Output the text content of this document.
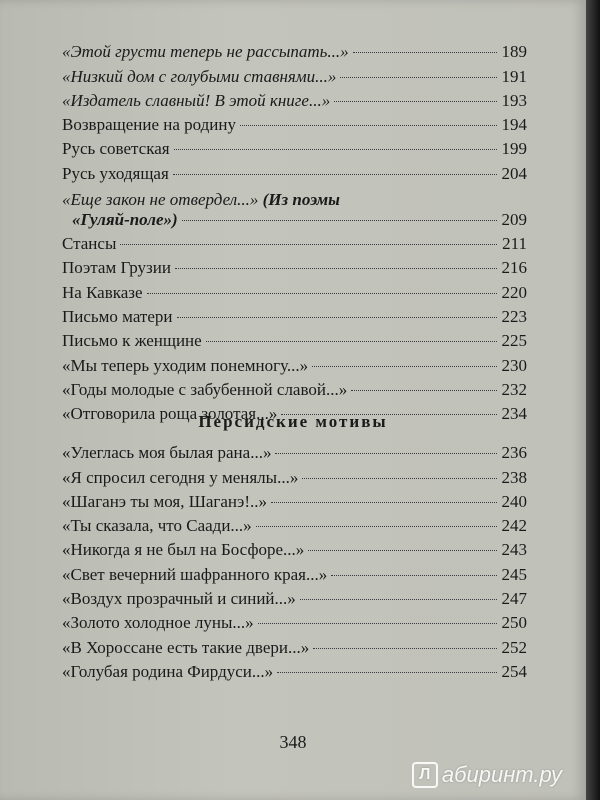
«Этой грусти теперь не рассыпать...»	189
«Низкий дом с голубыми ставнями...»	191
«Издатель славный! В этой книге...»	193
Возвращение на родину	194
Русь советская	199
Русь уходящая	204
«Еще закон не отвердел...» (Из поэмы
«Гуляй-поле»)	209
Стансы	211
Поэтам Грузии	216
На Кавказе	220
Письмо матери	223
Письмо к женщине	225
«Мы теперь уходим понемногу...»	230
«Годы молодые с забубенной славой...»	232
«Отговорила роща золотая...»	234
Персидские мотивы
«Улеглась моя былая рана...»	236
«Я спросил сегодня у менялы...»	238
«Шаганэ ты моя, Шаганэ!..»	240
«Ты сказала, что Саади...»	242
«Никогда я не был на Босфоре...»	243
«Свет вечерний шафранного края...»	245
«Воздух прозрачный и синий...»	247
«Золото холодное луны...»	250
«В Хороссане есть такие двери...»	252
«Голубая родина Фирдуси...»	254
348
Л абиринт.ру
